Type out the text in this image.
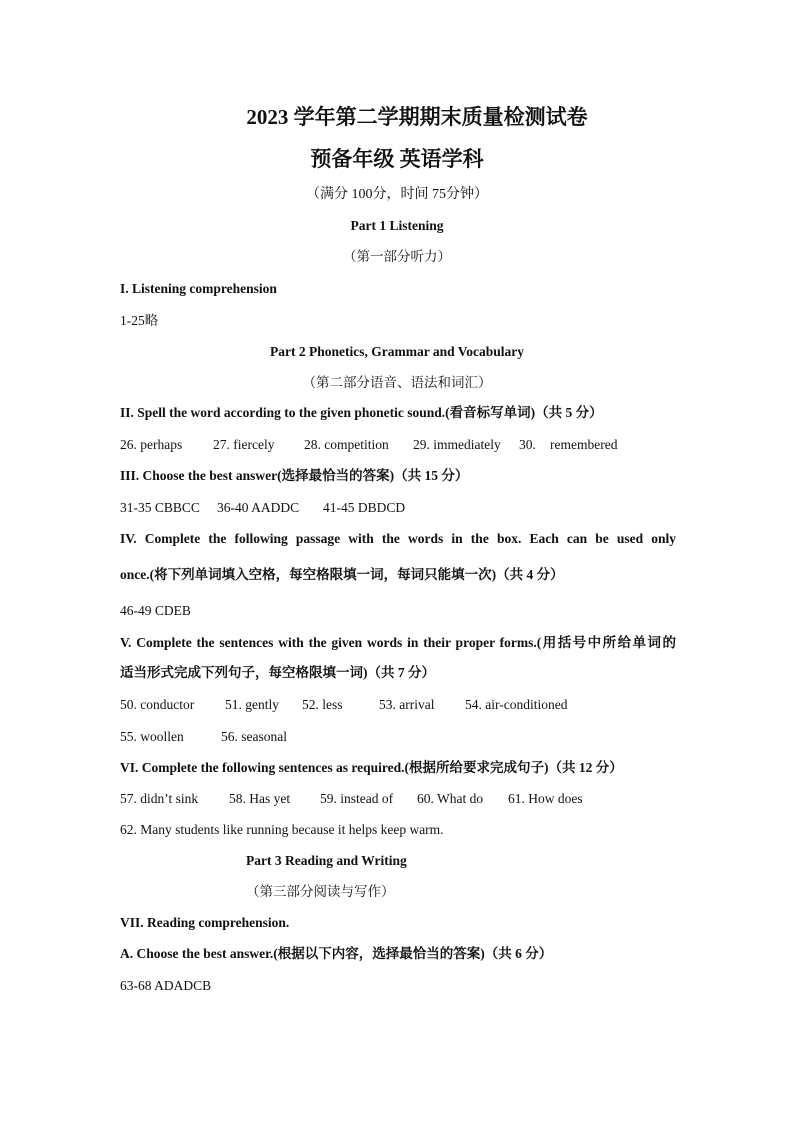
2023 学年第二学期期末质量检测试卷
预备年级 英语学科
（满分 100分，时间 75分钟）
Part 1 Listening
（第一部分听力）
I. Listening comprehension
1-25略
Part 2 Phonetics, Grammar and Vocabulary
（第二部分语音、语法和词汇）
II. Spell the word according to the given phonetic sound.(看音标写单词)（共 5 分）
26. perhaps 27. fiercely 28. competition 29. immediately 30. remembered
III. Choose the best answer(选择最恰当的答案)（共 15 分）
31-35 CBBCC 36-40 AADDC 41-45 DBDCD
IV. Complete the following passage with the words in the box. Each can be used only
once.(将下列单词填入空格，每空格限填一词，每词只能填一次)（共 4 分）
46-49 CDEB
V. Complete the sentences with the given words in their proper forms.(用括号中所给单词的
适当形式完成下列句子，每空格限填一词)（共 7 分）
50. conductor 51. gently 52. less	53. arrival 54. air-conditioned
55. woollen	56. seasonal
VI. Complete the following sentences as required.(根据所给要求完成句子)（共 12 分）
57. didn’t sink 58. Has yet 59. instead of 60. What do 61. How does
62. Many students like running because it helps keep warm.
Part 3 Reading and Writing
（第三部分阅读与写作）
VII. Reading comprehension.
A. Choose the best answer.(根据以下内容，选择最恰当的答案)（共 6 分）
63-68 ADADCB
